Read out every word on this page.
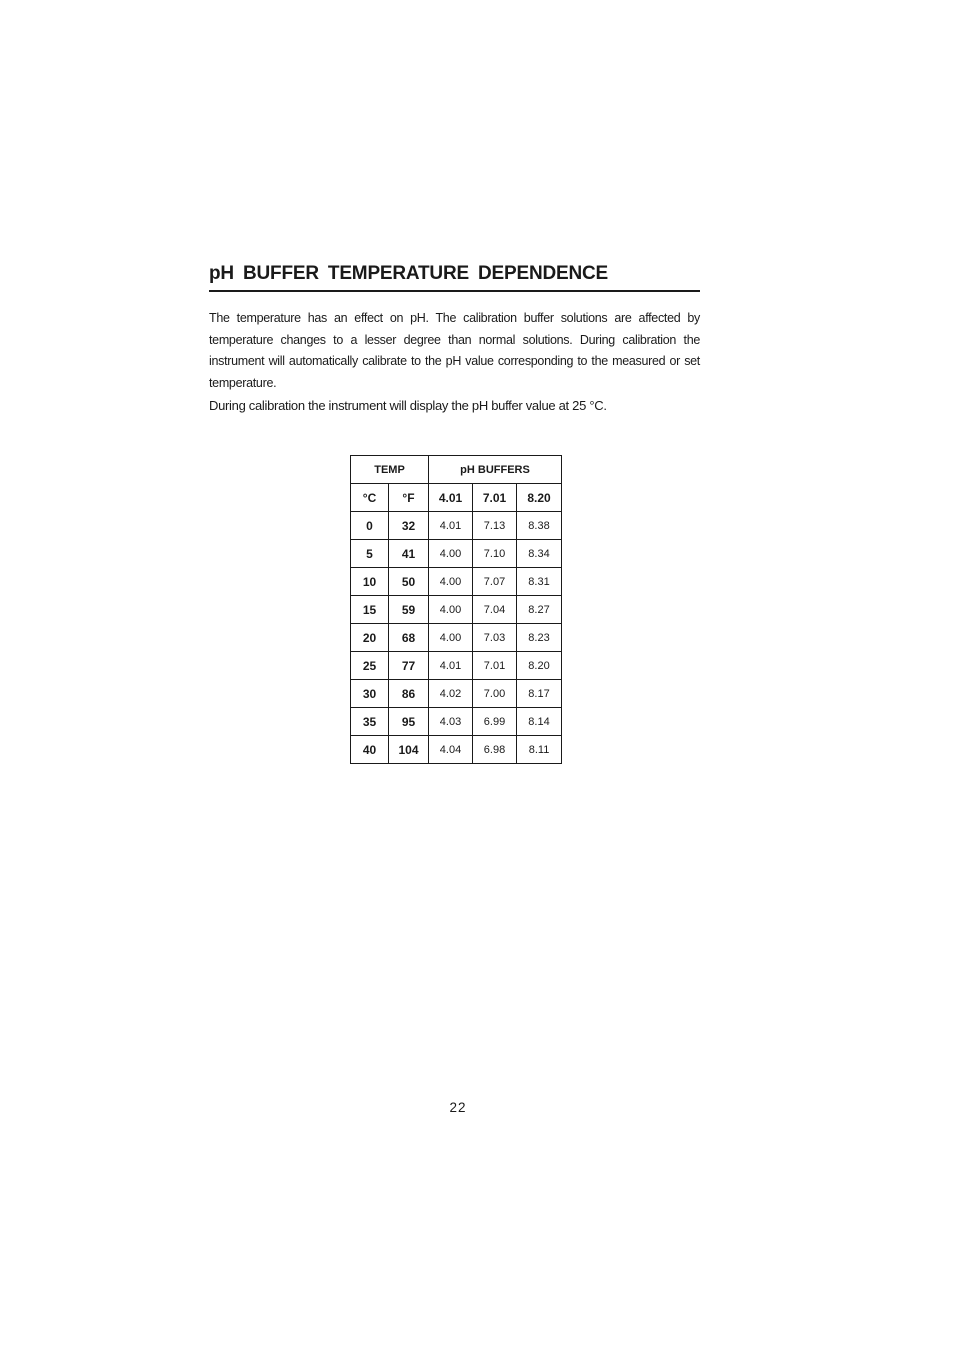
pH BUFFER TEMPERATURE DEPENDENCE

The temperature has an effect on pH. The calibration buffer solutions are affected by temperature changes to a lesser degree than normal solutions. During calibration the instrument will automatically calibrate to the pH value corresponding to the measured or set temperature.
During calibration the instrument will display the pH buffer value at 25 °C.

TEMP		pH BUFFERS		
°C	°F	4.01	7.01	8.20
0	32	4.01	7.13	8.38
5	41	4.00	7.10	8.34
10	50	4.00	7.07	8.31
15	59	4.00	7.04	8.27
20	68	4.00	7.03	8.23
25	77	4.01	7.01	8.20
30	86	4.02	7.00	8.17
35	95	4.03	6.99	8.14
40	104	4.04	6.98	8.11
22
